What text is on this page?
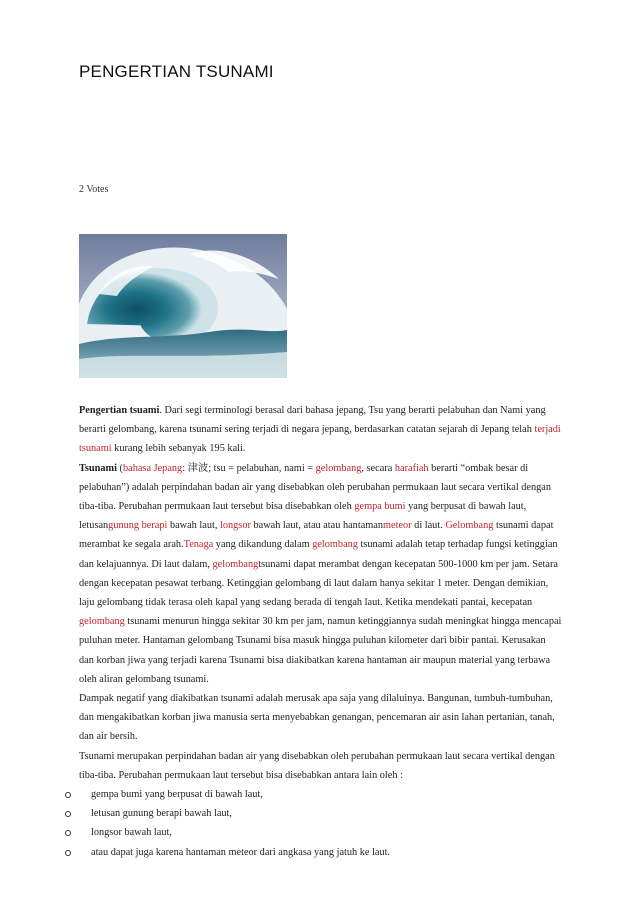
PENGERTIAN TSUNAMI
2 Votes

Pengertian tsuami. Dari segi terminologi berasal dari bahasa jepang, Tsu yang berarti pelabuhan dan Nami yang berarti gelombang, karena tsunami sering terjadi di negara jepang, berdasarkan catatan sejarah di Jepang telah terjadi tsunami kurang lebih sebanyak 195 kali.

Tsunami (bahasa Jepang: 津波; tsu = pelabuhan, nami = gelombang, secara harafiah berarti “ombak besar di pelabuhan”) adalah perpindahan badan air yang disebabkan oleh perubahan permukaan laut secara vertikal dengan tiba-tiba. Perubahan permukaan laut tersebut bisa disebabkan oleh gempa bumi yang berpusat di bawah laut, letusangunung berapi bawah laut, longsor bawah laut, atau atau hantamanmeteor di laut. Gelombang tsunami dapat merambat ke segala arah.Tenaga yang dikandung dalam gelombang tsunami adalah tetap terhadap fungsi ketinggian dan kelajuannya. Di laut dalam, gelombangtsunami dapat merambat dengan kecepatan 500-1000 km per jam. Setara dengan kecepatan pesawat terbang. Ketinggian gelombang di laut dalam hanya sekitar 1 meter. Dengan demikian, laju gelombang tidak terasa oleh kapal yang sedang berada di tengah laut. Ketika mendekati pantai, kecepatan gelombang tsunami menurun hingga sekitar 30 km per jam, namun ketinggiannya sudah meningkat hingga mencapai puluhan meter. Hantaman gelombang Tsunami bisa masuk hingga puluhan kilometer dari bibir pantai. Kerusakan dan korban jiwa yang terjadi karena Tsunami bisa diakibatkan karena hantaman air maupun material yang terbawa oleh aliran gelombang tsunami.

Dampak negatif yang diakibatkan tsunami adalah merusak apa saja yang dilaluinya. Bangunan, tumbuh-tumbuhan, dan mengakibatkan korban jiwa manusia serta menyebabkan genangan, pencemaran air asin lahan pertanian, tanah, dan air bersih.

Tsunami merupakan perpindahan badan air yang disebabkan oleh perubahan permukaan laut secara vertikal dengan tiba-tiba. Perubahan permukaan laut tersebut bisa disebabkan antara lain oleh :

gempa bumi yang berpusat di bawah laut,
letusan gunung berapi bawah laut,
longsor bawah laut,
atau dapat juga karena hantaman meteor dari angkasa yang jatuh ke laut.
